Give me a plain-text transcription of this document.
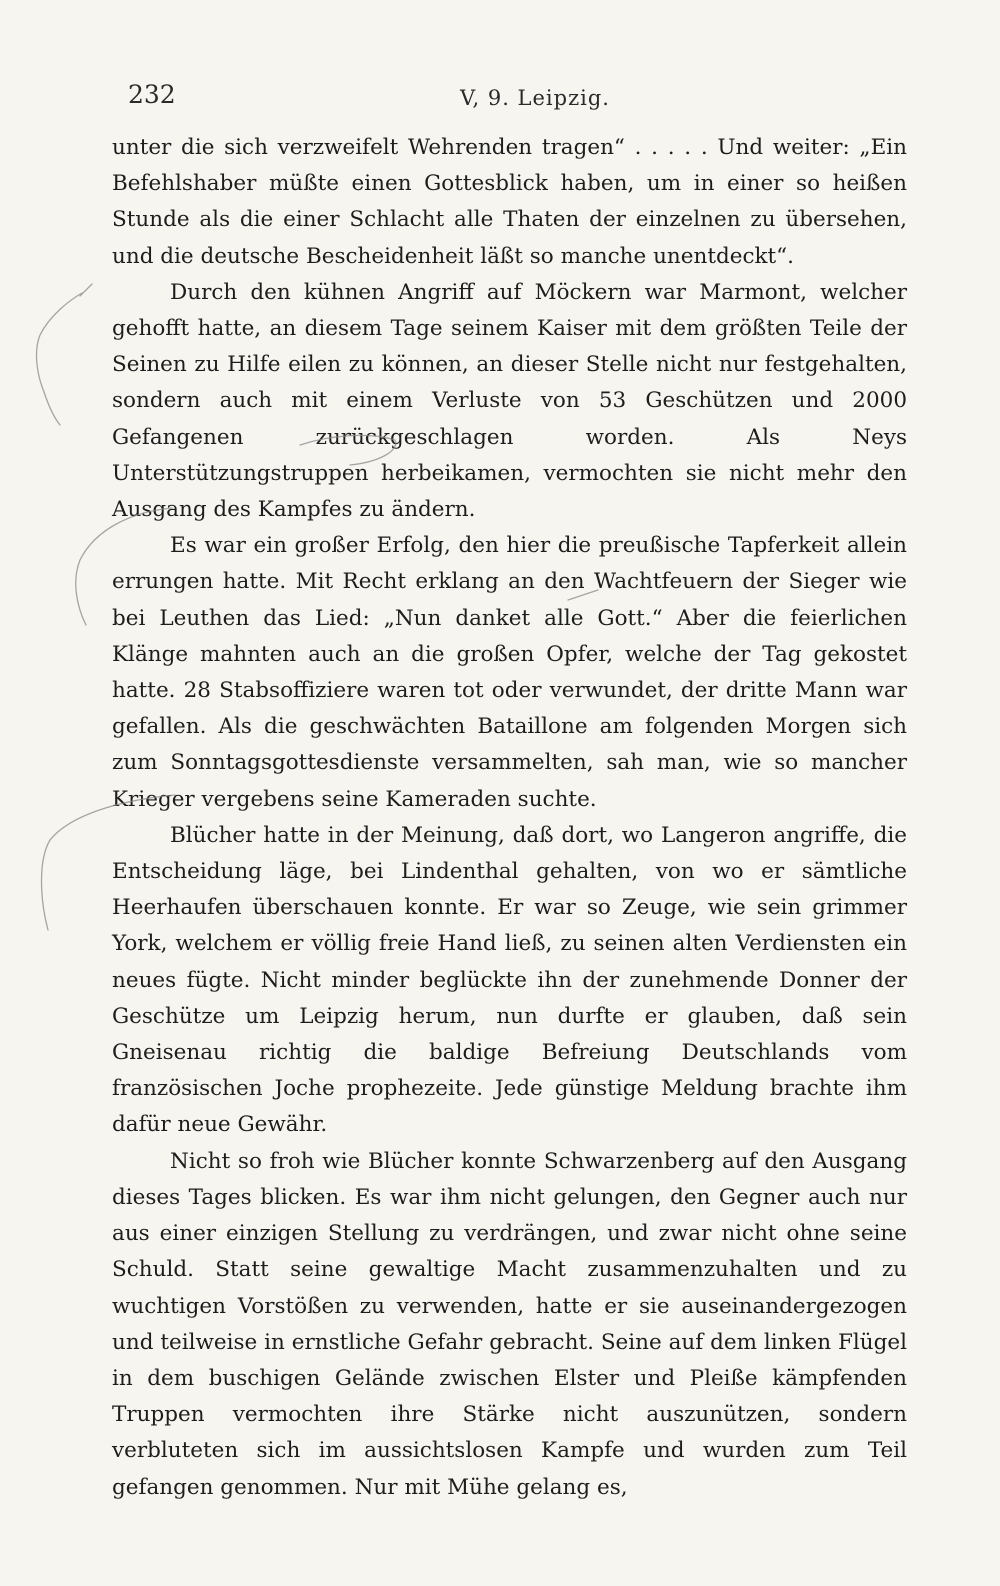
232	V, 9. Leipzig.

unter die sich verzweifelt Wehrenden tragen“ . . . . . Und weiter: „Ein Befehlshaber müßte einen Gottesblick haben, um in einer so heißen Stunde als die einer Schlacht alle Thaten der einzelnen zu übersehen, und die deutsche Bescheidenheit läßt so manche unentdeckt“.

Durch den kühnen Angriff auf Möckern war Marmont, welcher gehofft hatte, an diesem Tage seinem Kaiser mit dem größten Teile der Seinen zu Hilfe eilen zu können, an dieser Stelle nicht nur festgehalten, sondern auch mit einem Verluste von 53 Geschützen und 2000 Gefangenen zurückgeschlagen worden. Als Neys Unterstützungstruppen herbeikamen, vermochten sie nicht mehr den Ausgang des Kampfes zu ändern.

Es war ein großer Erfolg, den hier die preußische Tapferkeit allein errungen hatte. Mit Recht erklang an den Wachtfeuern der Sieger wie bei Leuthen das Lied: „Nun danket alle Gott.“ Aber die feierlichen Klänge mahnten auch an die großen Opfer, welche der Tag gekostet hatte. 28 Stabsoffiziere waren tot oder verwundet, der dritte Mann war gefallen. Als die geschwächten Bataillone am folgenden Morgen sich zum Sonntagsgottesdienste versammelten, sah man, wie so mancher Krieger vergebens seine Kameraden suchte.

Blücher hatte in der Meinung, daß dort, wo Langeron angriffe, die Entscheidung läge, bei Lindenthal gehalten, von wo er sämtliche Heerhaufen überschauen konnte. Er war so Zeuge, wie sein grimmer York, welchem er völlig freie Hand ließ, zu seinen alten Verdiensten ein neues fügte. Nicht minder beglückte ihn der zunehmende Donner der Geschütze um Leipzig herum, nun durfte er glauben, daß sein Gneisenau richtig die baldige Befreiung Deutschlands vom französischen Joche prophezeite. Jede günstige Meldung brachte ihm dafür neue Gewähr.

Nicht so froh wie Blücher konnte Schwarzenberg auf den Ausgang dieses Tages blicken. Es war ihm nicht gelungen, den Gegner auch nur aus einer einzigen Stellung zu verdrängen, und zwar nicht ohne seine Schuld. Statt seine gewaltige Macht zusammenzuhalten und zu wuchtigen Vorstößen zu verwenden, hatte er sie auseinandergezogen und teilweise in ernstliche Gefahr gebracht. Seine auf dem linken Flügel in dem buschigen Gelände zwischen Elster und Pleiße kämpfenden Truppen vermochten ihre Stärke nicht auszunützen, sondern verbluteten sich im aussichtslosen Kampfe und wurden zum Teil gefangen genommen. Nur mit Mühe gelang es,
